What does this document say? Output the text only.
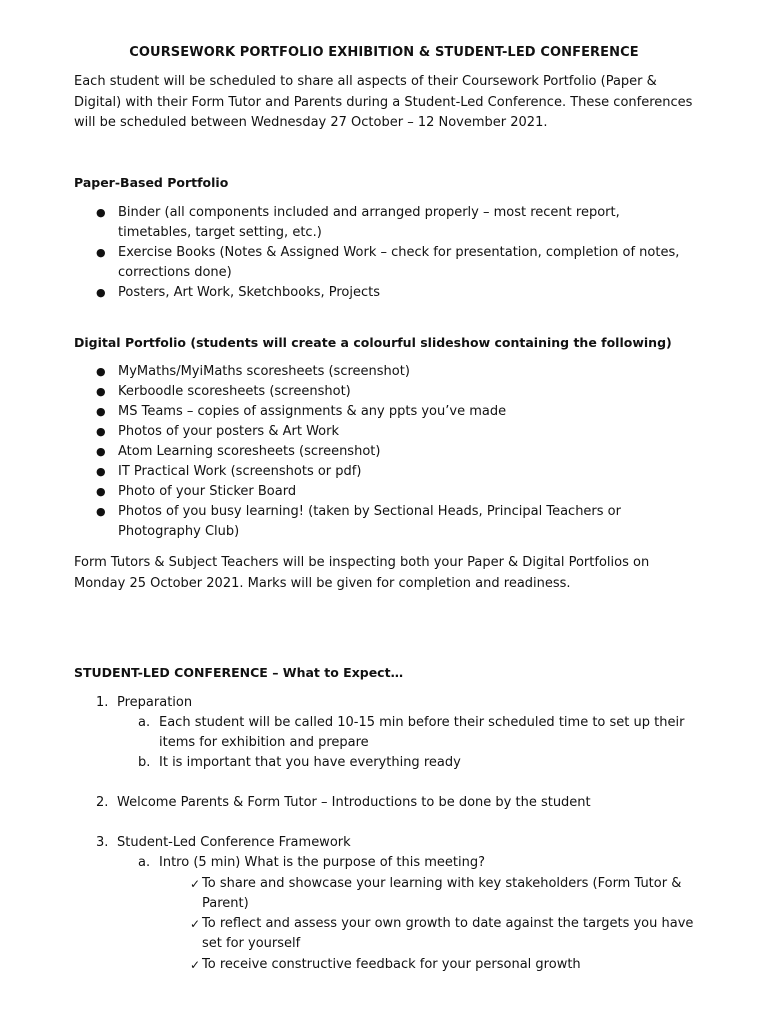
COURSEWORK PORTFOLIO EXHIBITION & STUDENT-LED CONFERENCE

Each student will be scheduled to share all aspects of their Coursework Portfolio (Paper & Digital) with their Form Tutor and Parents during a Student-Led Conference. These conferences will be scheduled between Wednesday 27 October – 12 November 2021.

Paper-Based Portfolio

● Binder (all components included and arranged properly – most recent report, timetables, target setting, etc.)
● Exercise Books (Notes & Assigned Work – check for presentation, completion of notes, corrections done)
● Posters, Art Work, Sketchbooks, Projects

Digital Portfolio (students will create a colourful slideshow containing the following)

● MyMaths/MyiMaths scoresheets (screenshot)
● Kerboodle scoresheets (screenshot)
● MS Teams – copies of assignments & any ppts you’ve made
● Photos of your posters & Art Work
● Atom Learning scoresheets (screenshot)
● IT Practical Work (screenshots or pdf)
● Photo of your Sticker Board
● Photos of you busy learning! (taken by Sectional Heads, Principal Teachers or Photography Club)

Form Tutors & Subject Teachers will be inspecting both your Paper & Digital Portfolios on Monday 25 October 2021. Marks will be given for completion and readiness.

STUDENT-LED CONFERENCE – What to Expect…

1. Preparation
a. Each student will be called 10-15 min before their scheduled time to set up their items for exhibition and prepare
b. It is important that you have everything ready
2. Welcome Parents & Form Tutor – Introductions to be done by the student
3. Student-Led Conference Framework
a. Intro (5 min) What is the purpose of this meeting?
✓ To share and showcase your learning with key stakeholders (Form Tutor & Parent)
✓ To reflect and assess your own growth to date against the targets you have set for yourself
✓ To receive constructive feedback for your personal growth
